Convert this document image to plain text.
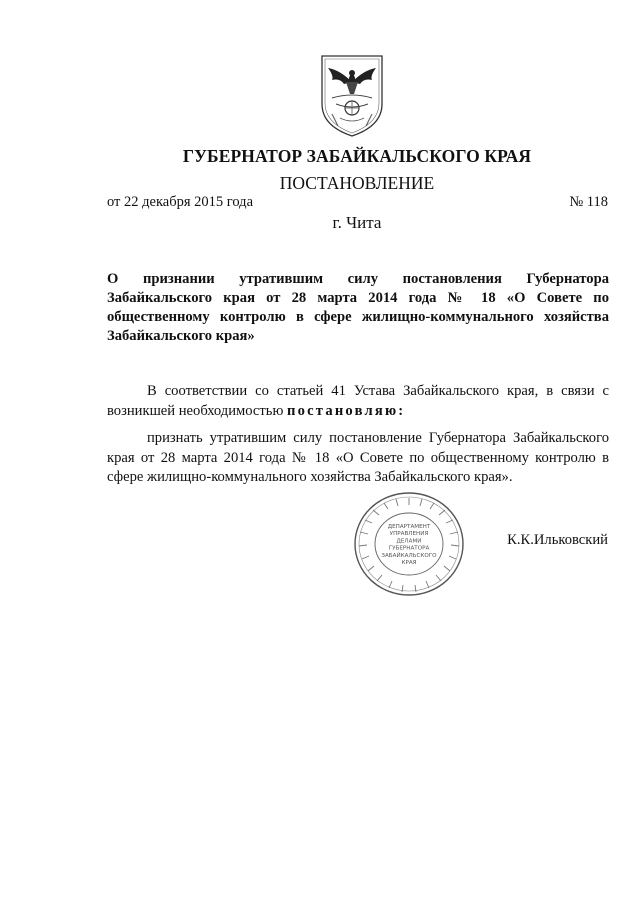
ГУБЕРНАТОР ЗАБАЙКАЛЬСКОГО КРАЯ
ПОСТАНОВЛЕНИЕ
от 22 декабря 2015 года	№ 118
г. Чита
О признании утратившим силу постановления Губернатора
Забайкальского края от 28 марта 2014 года № 18 «О Совете по
общественному контролю в сфере жилищно-коммунального хозяйства
Забайкальского края»
В соответствии со статьей 41 Устава Забайкальского края, в связи с
возникшей необходимостью постановляю:
признать утратившим силу постановление Губернатора Забайкальского
края от 28 марта 2014 года № 18 «О Совете по общественному контролю в
сфере жилищно-коммунального хозяйства Забайкальского края».
ДЕПАРТАМЕНТ
УПРАВЛЕНИЯ
ДЕЛАМИ
ГУБЕРНАТОРА
ЗАБАЙКАЛЬСКОГО
КРАЯ
К.К.Ильковский
